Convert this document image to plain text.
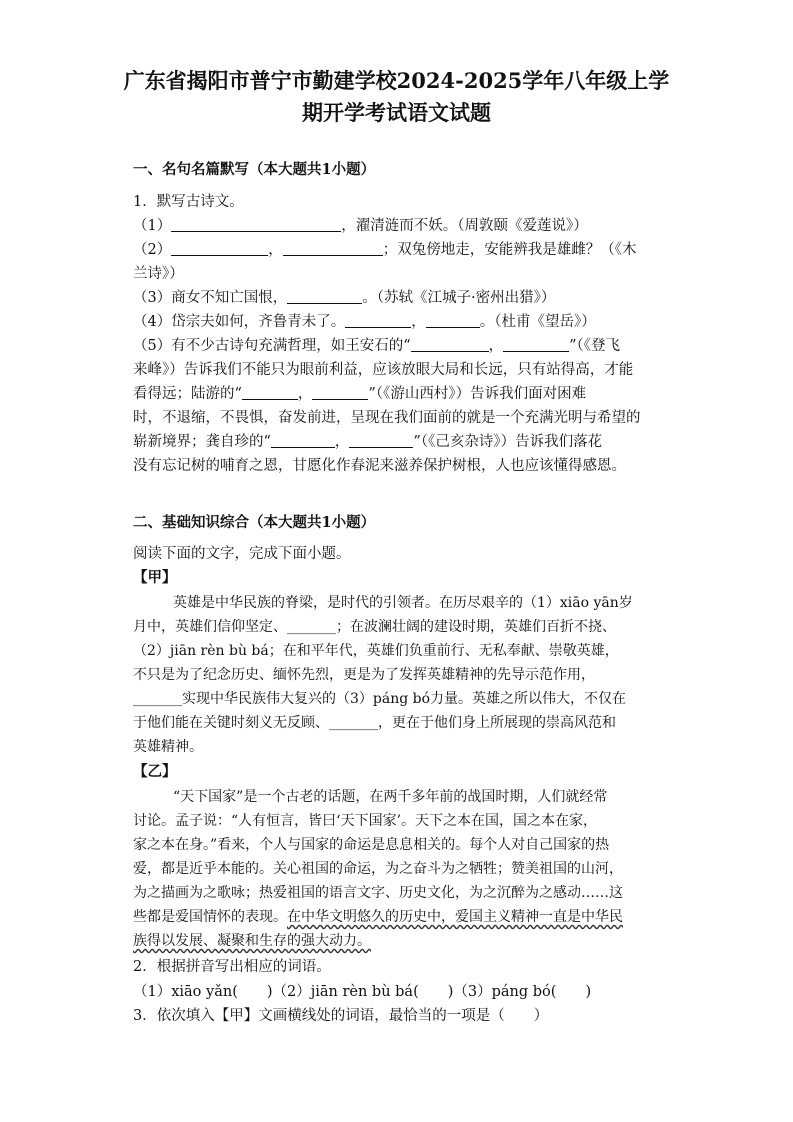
广东省揭阳市普宁市勤建学校2024-2025学年八年级上学
期开学考试语文试题
一、名句名篇默写（本大题共1小题）
1．默写古诗文。
（1）	，濯清涟而不妖。（周敦颐《爱莲说》）
（2）	，	；双兔傍地走，安能辨我是雄雌？（《木
兰诗》）
（3）商女不知亡国恨，	。（苏轼《江城子·密州出猎》）
（4）岱宗夫如何，齐鲁青未了。	，	。（杜甫《望岳》）
（5）有不少古诗句充满哲理，如王安石的“	，	”（《登飞
来峰》）告诉我们不能只为眼前利益，应该放眼大局和长远，只有站得高，才能
看得远；陆游的“	，	”（《游山西村》）告诉我们面对困难
时，不退缩，不畏惧，奋发前进，呈现在我们面前的就是一个充满光明与希望的
崭新境界；龚自珍的“	，	”（《己亥杂诗》）告诉我们落花
没有忘记树的哺育之恩，甘愿化作春泥来滋养保护树根，人也应该懂得感恩。
二、基础知识综合（本大题共1小题）
阅读下面的文字，完成下面小题。
【甲】
英雄是中华民族的脊梁，是时代的引领者。在历尽艰辛的（1）xiāo yān岁
月中，英雄们信仰坚定、_______；在波澜壮阔的建设时期，英雄们百折不挠、
（2）jiān rèn bù bá；在和平年代，英雄们负重前行、无私奉献、崇敬英雄，
不只是为了纪念历史、缅怀先烈，更是为了发挥英雄精神的先导示范作用，
_______实现中华民族伟大复兴的（3）páng bó力量。英雄之所以伟大，不仅在
于他们能在关键时刻义无反顾、_______，更在于他们身上所展现的崇高风范和
英雄精神。
【乙】
“天下国家”是一个古老的话题，在两千多年前的战国时期，人们就经常
讨论。孟子说：“人有恒言，皆曰‘天下国家’。天下之本在国，国之本在家，
家之本在身。”看来，个人与国家的命运是息息相关的。每个人对自己国家的热
爱，都是近乎本能的。关心祖国的命运，为之奋斗为之牺牲；赞美祖国的山河，
为之描画为之歌咏；热爱祖国的语言文字、历史文化，为之沉醉为之感动……这
些都是爱国情怀的表现。在中华文明悠久的历史中，爱国主义精神一直是中华民
族得以发展、凝聚和生存的强大动力。
2．根据拼音写出相应的词语。
（1）xiāo yǎn(　　)（2）jiān rèn bù bá(　　)（3）páng bó(　　)
3．依次填入【甲】文画横线处的词语，最恰当的一项是（　　）
